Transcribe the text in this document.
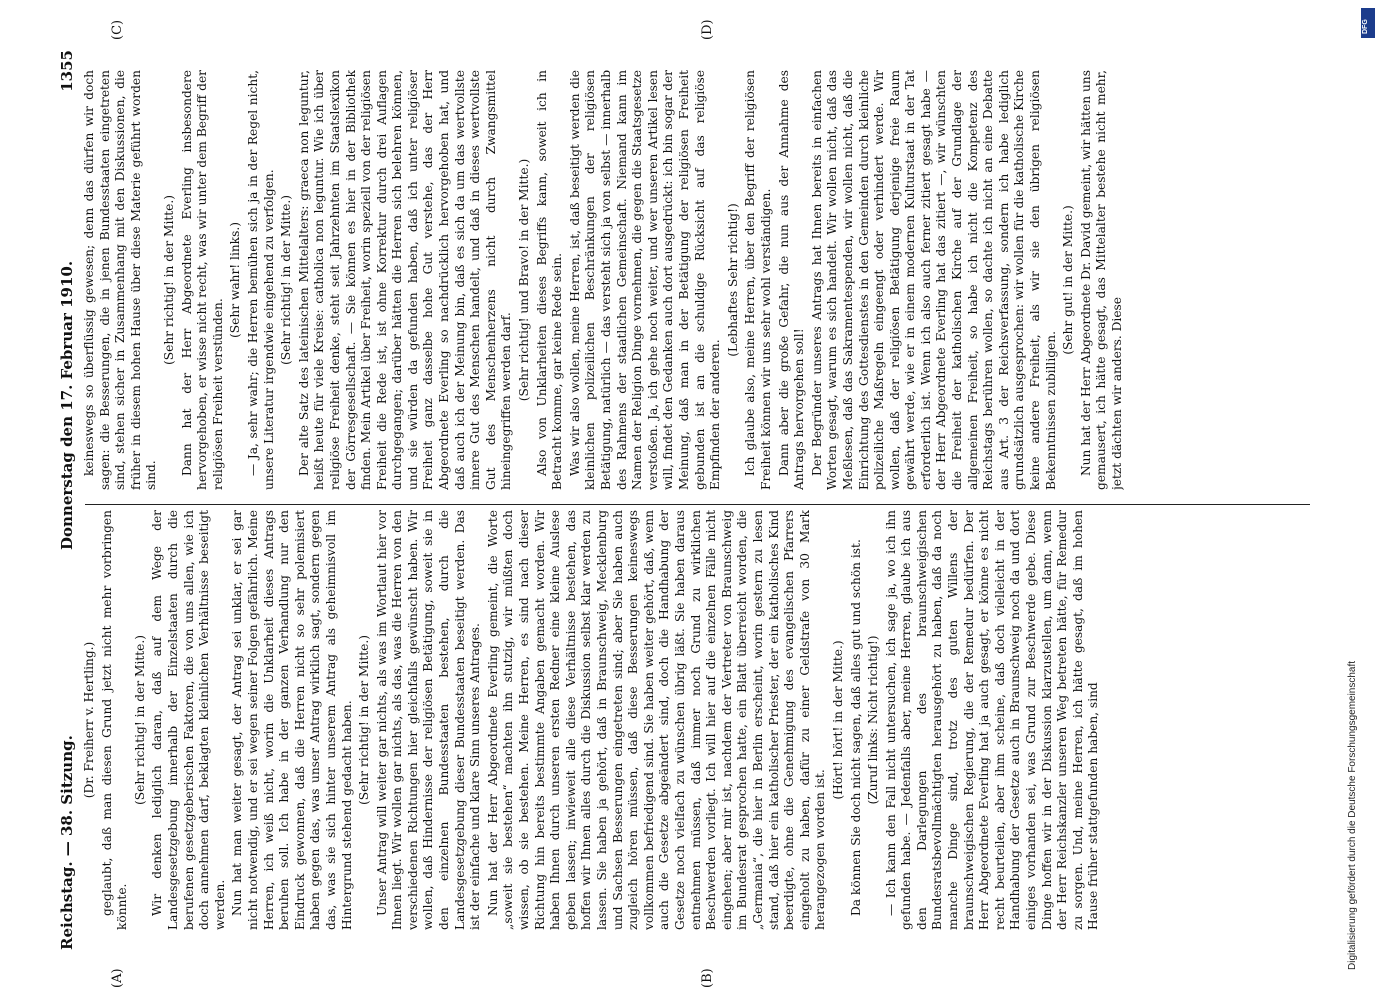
Reichstag. — 38. Sitzung.
Donnerstag den 17. Februar 1910.
1355
(A)	(B)
(C)	(D)

(Dr. Freiherr v. Hertling.) geglaubt, daß man diesen Grund jetzt nicht mehr vorbringen könnte.

(Sehr richtig! in der Mitte.) Wir denken lediglich daran, daß auf dem Wege der Landesgesetzgebung innerhalb der Einzelstaaten durch die berufenen gesetzgeberischen Faktoren, die von uns allen, wie ich doch annehmen darf, beklagten kleinlichen Verhältnisse beseitigt werden. Nun hat man weiter gesagt, der Antrag sei unklar, er sei gar nicht notwendig, und er sei wegen seiner Folgen gefährlich. Meine Herren, ich weiß nicht, worin die Unklarheit dieses Antrags beruhen soll. Ich habe in der ganzen Verhandlung nur den Eindruck gewonnen, daß die Herren nicht so sehr polemisiert haben gegen das, was unser Antrag wirklich sagt, sondern gegen das, was sie sich hinter unserem Antrag als geheimnisvoll im Hintergrund stehend gedacht haben. (Sehr richtig! in der Mitte.) Unser Antrag will weiter gar nichts, als was im Wortlaut hier vor Ihnen liegt. Wir wollen gar nichts, als das, was die Herren von den verschiedenen Richtungen hier gleichfalls gewünscht haben. Wir wollen, daß Hindernisse der religiösen Betätigung, soweit sie in den einzelnen Bundesstaaten bestehen, durch die Landesgesetzgebung dieser Bundesstaaten beseitigt werden. Das ist der einfache und klare Sinn unseres Antrages. Nun hat der Herr Abgeordnete Everling gemeint, die Worte „soweit sie bestehen“ machten ihn stutzig, wir müßten doch wissen, ob sie bestehen. Meine Herren, es sind nach dieser Richtung hin bereits bestimmte Angaben gemacht worden. Wir haben Ihnen durch unseren ersten Redner eine kleine Auslese geben lassen; inwieweit alle diese Verhältnisse bestehen, das hoffen wir Ihnen alles durch die Diskussion selbst klar werden zu lassen. Sie haben ja gehört, daß in Braunschweig, Mecklenburg und Sachsen Besserungen eingetreten sind; aber Sie haben auch zugleich hören müssen, daß diese Besserungen keineswegs vollkommen befriedigend sind. Sie haben weiter gehört, daß, wenn auch die Gesetze abgeändert sind, doch die Handhabung der Gesetze noch vielfach zu wünschen übrig läßt. Sie haben daraus entnehmen müssen, daß immer noch Grund zu wirklichen Beschwerden vorliegt. Ich will hier auf die einzelnen Fälle nicht eingehen; aber mir ist, nachdem der Vertreter von Braunschweig im Bundesrat gesprochen hatte, ein Blatt überreicht worden, die „Germania“, die hier in Berlin erscheint, worin gestern zu lesen stand, daß hier ein katholischer Priester, der ein katholisches Kind beerdigte, ohne die Genehmigung des evangelischen Pfarrers eingeholt zu haben, dafür zu einer Geldstrafe von 30 Mark herangezogen worden ist.

(Hört! hört! in der Mitte.) Da können Sie doch nicht sagen, daß alles gut und schön ist. (Zuruf links: Nicht richtig!) — Ich kann den Fall nicht untersuchen, ich sage ja, wo ich ihn gefunden habe. — Jedenfalls aber, meine Herren, glaube ich aus den Darlegungen des braunschweigischen Bundesratsbevollmächtigten herausgehört zu haben, daß da noch manche Dinge sind, trotz des guten Willens der braunschweigischen Regierung, die der Remedur bedürfen. Der Herr Abgeordnete Everling hat ja auch gesagt, er könne es nicht recht beurteilen, aber ihm scheine, daß doch vielleicht in der Handhabung der Gesetze auch in Braunschweig noch da und dort einiges vorhanden sei, was Grund zur Beschwerde gebe. Diese Dinge hoffen wir in der Diskussion klarzustellen, um dann, wenn der Herr Reichskanzler unseren Weg betreten hätte, für Remedur zu sorgen. Und, meine Herren, ich hätte gesagt, daß im hohen Hause früher stattgefunden haben, sind

keineswegs so überflüssig gewesen; denn das dürfen wir doch sagen: die Besserungen, die in jenen Bundesstaaten eingetreten sind, stehen sicher in Zusammenhang mit den Diskussionen, die früher in diesem hohen Hause über diese Materie geführt worden sind.

(Sehr richtig! in der Mitte.) Dann hat der Herr Abgeordnete Everling insbesondere hervorgehoben, er wisse nicht recht, was wir unter dem Begriff der religiösen Freiheit verstünden.

(Sehr wahr! links.) — Ja, sehr wahr; die Herren bemühen sich ja in der Regel nicht, unsere Literatur irgendwie eingehend zu verfolgen. (Sehr richtig! in der Mitte.) Der alte Satz des lateinischen Mittelalters: graeca non leguntur, heißt heute für viele Kreise: catholica non leguntur. Wie ich über religiöse Freiheit denke, steht seit Jahrzehnten im Staatslexikon der Görresgesellschaft. — Sie können es hier in der Bibliothek finden. Mein Artikel über Freiheit, worin speziell von der religiösen Freiheit die Rede ist, ist ohne Korrektur durch drei Auflagen durchgegangen; darüber hätten die Herren sich belehren können, und sie würden da gefunden haben, daß ich unter religiöser Freiheit ganz dasselbe hohe Gut verstehe, das der Herr Abgeordnete Everling so nachdrücklich hervorgehoben hat, und daß auch ich der Meinung bin, daß es sich da um das wertvollste innere Gut des Menschen handelt, und daß in dieses wertvollste Gut des Menschenherzens nicht durch Zwangsmittel hineingegriffen werden darf. (Sehr richtig! und Bravo! in der Mitte.) Also von Unklarheiten dieses Begriffs kann, soweit ich in Betracht komme, gar keine Rede sein. Was wir also wollen, meine Herren, ist, daß beseitigt werden die kleinlichen polizeilichen Beschränkungen der religiösen Betätigung, natürlich — das versteht sich ja von selbst — innerhalb des Rahmens der staatlichen Gemeinschaft. Niemand kann im Namen der Religion Dinge vornehmen, die gegen die Staatsgesetze verstoßen. Ja, ich gehe noch weiter, und wer unseren Artikel lesen will, findet den Gedanken auch dort ausgedrückt: ich bin sogar der Meinung, daß man in der Betätigung der religiösen Freiheit gebunden ist an die schuldige Rücksicht auf das religiöse Empfinden der anderen.

(Lebhaftes Sehr richtig!) Ich glaube also, meine Herren, über den Begriff der religiösen Freiheit können wir uns sehr wohl verständigen. Dann aber die große Gefahr, die nun aus der Annahme des Antrags hervorgehen soll! Der Begründer unseres Antrags hat Ihnen bereits in einfachen Worten gesagt, warum es sich handelt. Wir wollen nicht, daß das Meßlesen, daß das Sakramentespenden, wir wollen nicht, daß die Einrichtung des Gottesdienstes in den Gemeinden durch kleinliche polizeiliche Maßregeln eingeengt oder verhindert werde. Wir wollen, daß der religiösen Betätigung derjenige freie Raum gewährt werde, wie er in einem modernen Kulturstaat in der Tat erforderlich ist. Wenn ich also auch ferner zitiert gesagt habe — der Herr Abgeordnete Everling hat das zitiert —, wir wünschten die Freiheit der katholischen Kirche auf der Grundlage der allgemeinen Freiheit, so habe ich nicht die Kompetenz des Reichstags berühren wollen, so dachte ich nicht an eine Debatte aus Art. 3 der Reichsverfassung, sondern ich habe lediglich grundsätzlich ausgesprochen: wir wollen für die katholische Kirche keine andere Freiheit, als wir sie den übrigen religiösen Bekenntnissen zubilligen.

(Sehr gut! in der Mitte.) Nun hat der Herr Abgeordnete Dr. David gemeint, wir hätten uns gemausert, ich hätte gesagt, das Mittelalter bestehe nicht mehr, jetzt dächten wir anders. Diese

Digitalisierung gefördert durch die Deutsche Forschungsgemeinschaft
DFG
